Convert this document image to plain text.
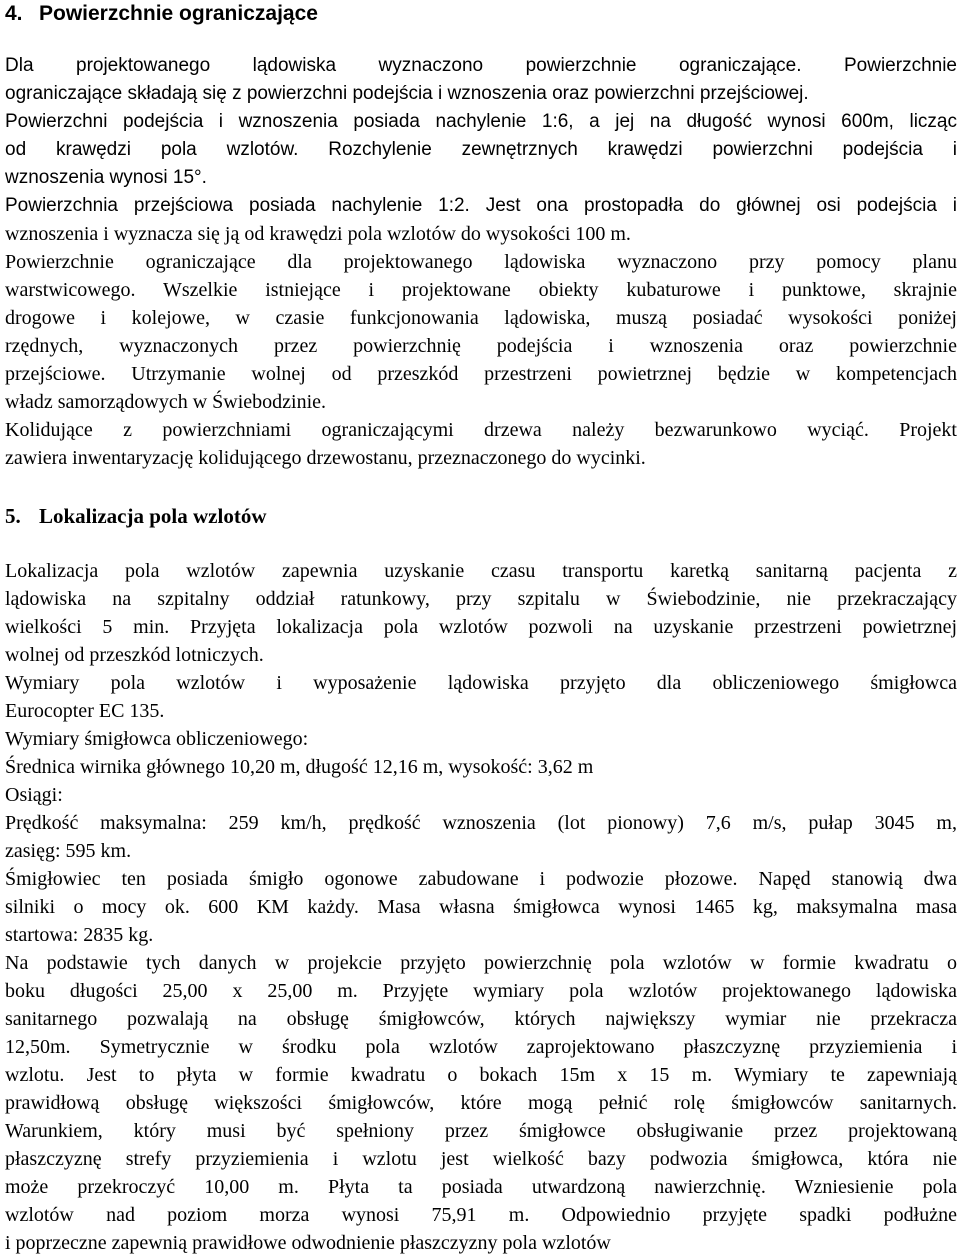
4. Powierzchnie ograniczające
Dla projektowanego lądowiska wyznaczono powierzchnie ograniczające. Powierzchnie
ograniczające składają się z powierzchni podejścia i wznoszenia oraz powierzchni przejściowej.
Powierzchni podejścia i wznoszenia posiada nachylenie 1:6, a jej na długość wynosi 600m, licząc
od krawędzi pola wzlotów. Rozchylenie zewnętrznych krawędzi powierzchni podejścia i
wznoszenia wynosi 15°.
Powierzchnia przejściowa posiada nachylenie 1:2. Jest ona prostopadła do głównej osi podejścia i
wznoszenia i wyznacza się ją od krawędzi pola wzlotów do wysokości 100 m.
Powierzchnie ograniczające dla projektowanego lądowiska wyznaczono przy pomocy planu
warstwicowego. Wszelkie istniejące i projektowane obiekty kubaturowe i punktowe, skrajnie
drogowe i kolejowe, w czasie funkcjonowania lądowiska, muszą posiadać wysokości poniżej
rzędnych, wyznaczonych przez powierzchnię podejścia i wznoszenia oraz powierzchnie
przejściowe. Utrzymanie wolnej od przeszkód przestrzeni powietrznej będzie w kompetencjach
władz samorządowych w Świebodzinie.
Kolidujące z powierzchniami ograniczającymi drzewa należy bezwarunkowo wyciąć. Projekt
zawiera inwentaryzację kolidującego drzewostanu, przeznaczonego do wycinki.
5. Lokalizacja pola wzlotów
Lokalizacja pola wzlotów zapewnia uzyskanie czasu transportu karetką sanitarną pacjenta z
lądowiska na szpitalny oddział ratunkowy, przy szpitalu w Świebodzinie, nie przekraczający
wielkości 5 min. Przyjęta lokalizacja pola wzlotów pozwoli na uzyskanie przestrzeni powietrznej
wolnej od przeszkód lotniczych.
Wymiary pola wzlotów i wyposażenie lądowiska przyjęto dla obliczeniowego śmigłowca
Eurocopter EC 135.
Wymiary śmigłowca obliczeniowego:
Średnica wirnika głównego 10,20 m, długość 12,16 m, wysokość: 3,62 m
Osiągi:
Prędkość maksymalna: 259 km/h, prędkość wznoszenia (lot pionowy) 7,6 m/s, pułap 3045 m,
zasięg: 595 km.
Śmigłowiec ten posiada śmigło ogonowe zabudowane i podwozie płozowe. Napęd stanowią dwa
silniki o mocy ok. 600 KM każdy. Masa własna śmigłowca wynosi 1465 kg, maksymalna masa
startowa: 2835 kg.
Na podstawie tych danych w projekcie przyjęto powierzchnię pola wzlotów w formie kwadratu o
boku długości 25,00 x 25,00 m. Przyjęte wymiary pola wzlotów projektowanego lądowiska
sanitarnego pozwalają na obsługę śmigłowców, których największy wymiar nie przekracza
12,50m. Symetrycznie w środku pola wzlotów zaprojektowano płaszczyznę przyziemienia i
wzlotu. Jest to płyta w formie kwadratu o bokach 15m x 15 m. Wymiary te zapewniają
prawidłową obsługę większości śmigłowców, które mogą pełnić rolę śmigłowców sanitarnych.
Warunkiem, który musi być spełniony przez śmigłowce obsługiwanie przez projektowaną
płaszczyznę strefy przyziemienia i wzlotu jest wielkość bazy podwozia śmigłowca, która nie
może przekroczyć 10,00 m. Płyta ta posiada utwardzoną nawierzchnię. Wzniesienie pola
wzlotów nad poziom morza wynosi 75,91 m. Odpowiednio przyjęte spadki podłużne
i poprzeczne zapewnią prawidłowe odwodnienie płaszczyzny pola wzlotów
